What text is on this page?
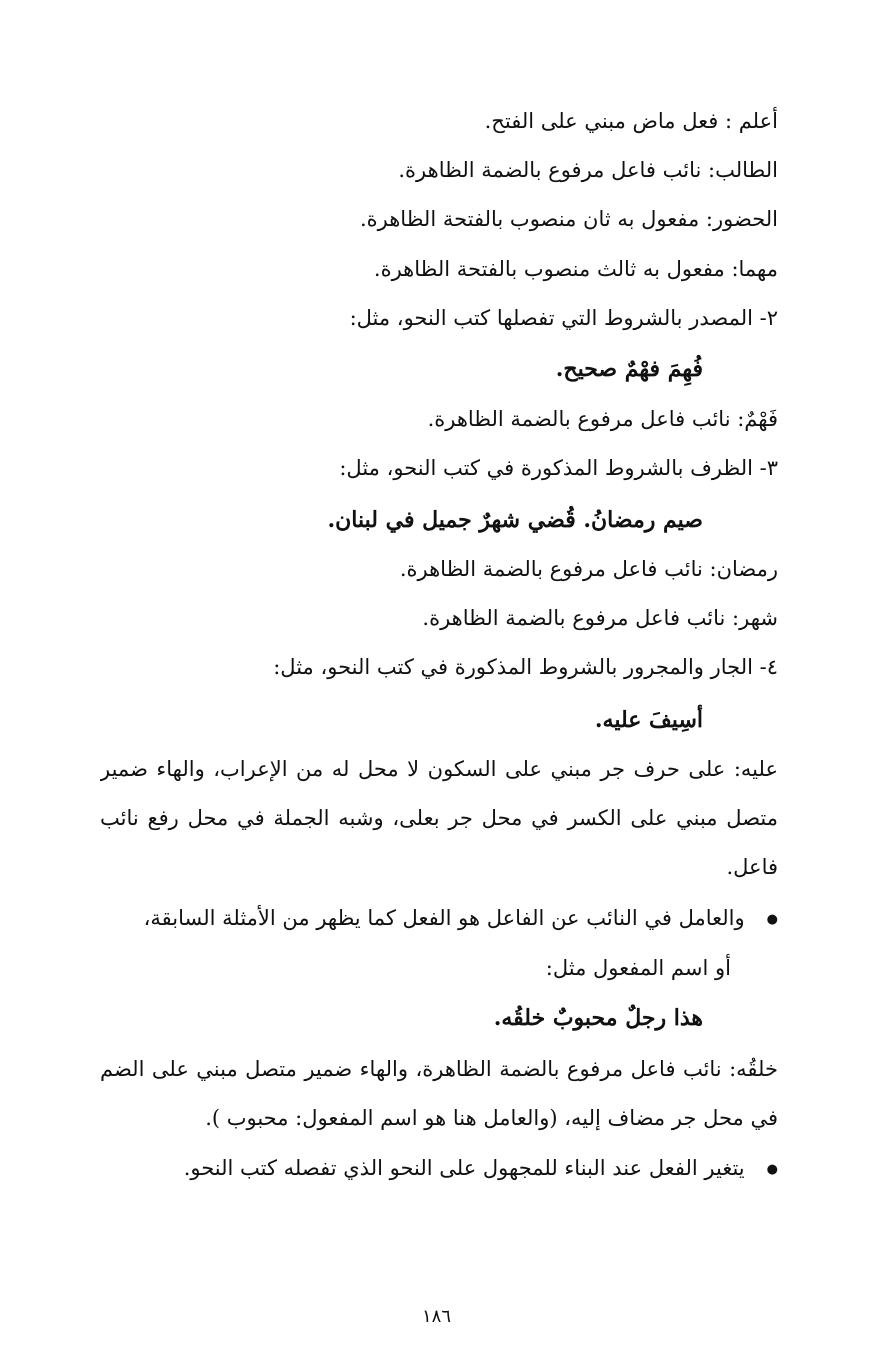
أعلم : فعل ماض مبني على الفتح.
الطالب: نائب فاعل مرفوع بالضمة الظاهرة.
الحضور: مفعول به ثان منصوب بالفتحة الظاهرة.
مهما: مفعول به ثالث منصوب بالفتحة الظاهرة.
٢- المصدر بالشروط التي تفصلها كتب النحو، مثل:
فُهِمَ فهْمٌ صحيح.
فَهْمٌ: نائب فاعل مرفوع بالضمة الظاهرة.
٣- الظرف بالشروط المذكورة في كتب النحو، مثل:
صيم رمضانُ. قُضي شهرٌ جميل في لبنان.
رمضان: نائب فاعل مرفوع بالضمة الظاهرة.
شهر: نائب فاعل مرفوع بالضمة الظاهرة.
٤- الجار والمجرور بالشروط المذكورة في كتب النحو، مثل:
أسِيفَ عليه.
عليه: على حرف جر مبني على السكون لا محل له من الإعراب، والهاء ضمير
متصل مبني على الكسر في محل جر بعلى، وشبه الجملة في محل رفع نائب
فاعل.
● والعامل في النائب عن الفاعل هو الفعل كما يظهر من الأمثلة السابقة،
أو اسم المفعول مثل:
هذا رجلٌ محبوبٌ خلقُه.
خلقُه: نائب فاعل مرفوع بالضمة الظاهرة، والهاء ضمير متصل مبني على الضم
في محل جر مضاف إليه، (والعامل هنا هو اسم المفعول: محبوب ).
● يتغير الفعل عند البناء للمجهول على النحو الذي تفصله كتب النحو.
١٨٦
